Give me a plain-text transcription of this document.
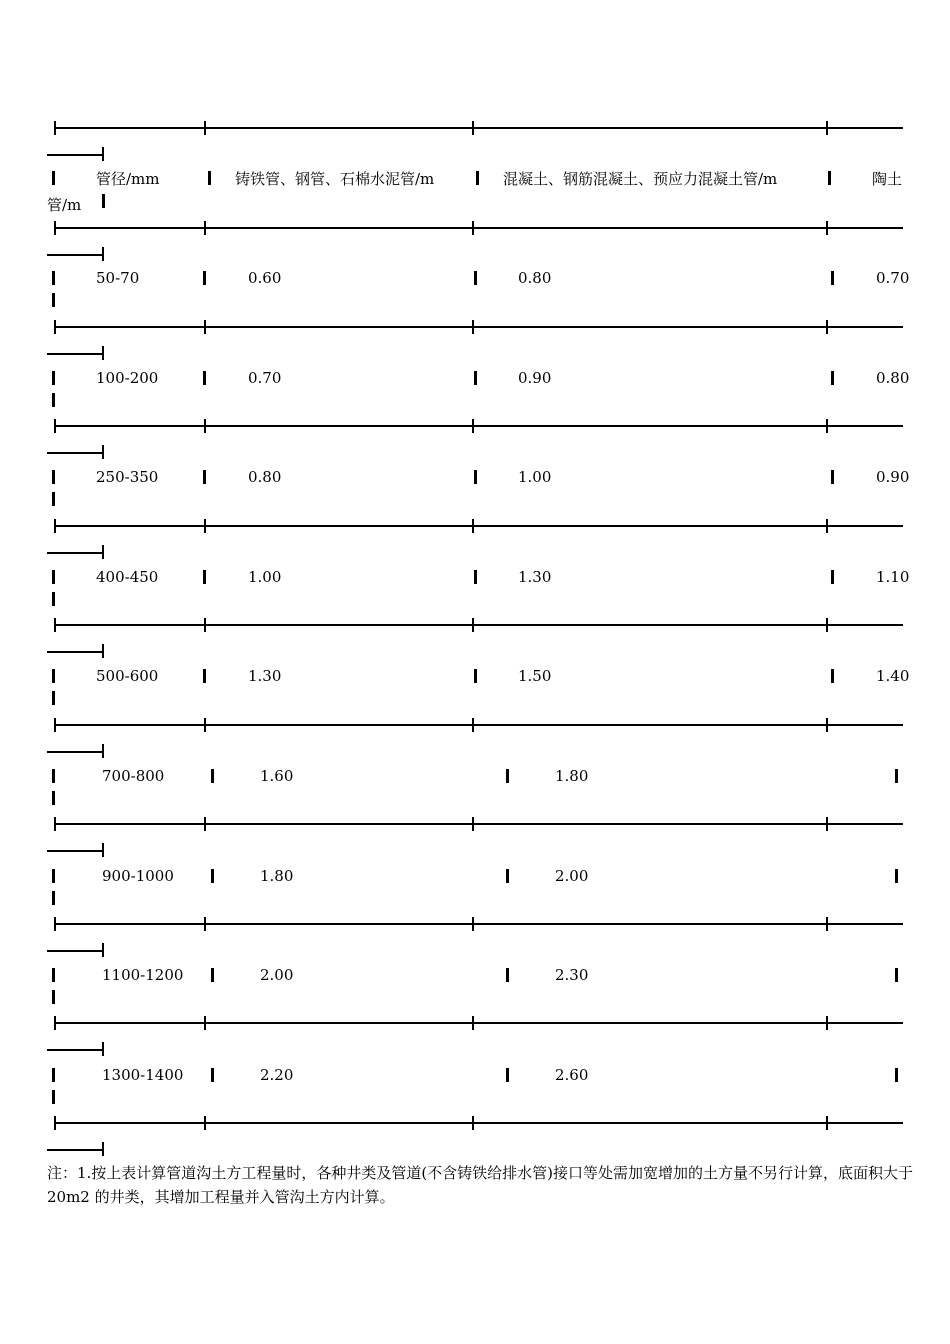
管径/mm	铸铁管、钢管、石棉水泥管/m	混凝土、钢筋混凝土、预应力混凝土管/m	陶土
管/m
50-70	0.60	0.80	0.70
100-200	0.70	0.90	0.80
250-350	0.80	1.00	0.90
400-450	1.00	1.30	1.10
500-600	1.30	1.50	1.40
700-800	1.60	1.80
900-1000	1.80	2.00
1100-1200	2.00	2.30
1300-1400	2.20	2.60
注：1.按上表计算管道沟土方工程量时，各种井类及管道(不含铸铁给排水管)接口等处需加宽增加的土方量不另行计算，底面积大于 20m2 的井类，其增加工程量并入管沟土方内计算。
